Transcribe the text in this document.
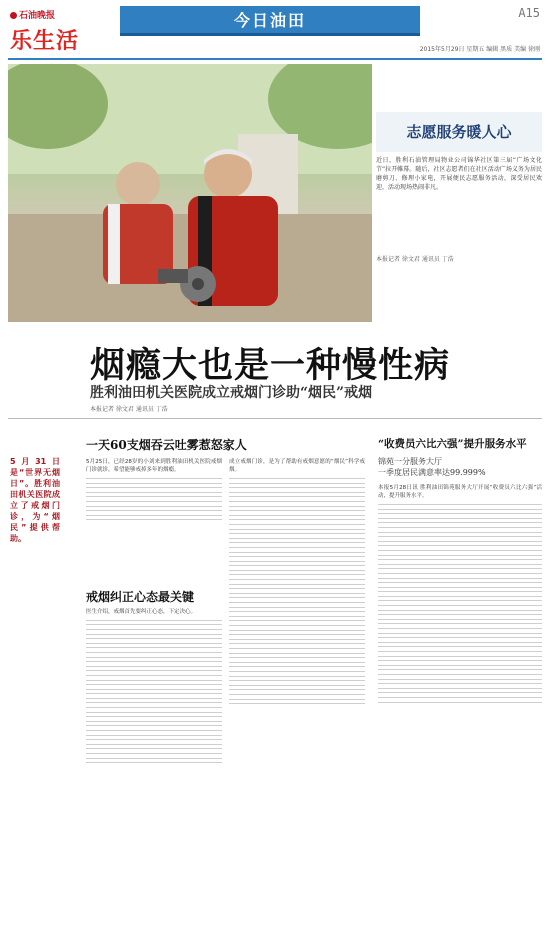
石油晚报
乐生活
今日油田	A15
2015年5月29日 星期五 编辑 黑质 美编 徐刚
志愿服务暖人心
近日，胜利石油管理局物业公司锦华社区第三届“广场文化节”拉开帷幕。随后，社区志愿者们在社区活动广场义务为居民磨剪刀、修理小家电，开展便民志愿服务活动，深受居民欢迎，活动现场热闹非凡。
本报记者 徐文君 通讯员 丁浩
烟瘾大也是一种慢性病
胜利油田机关医院成立戒烟门诊助“烟民”戒烟
本报记者 徐文君 通讯员 丁浩
5月31日是“世界无烟日”。胜利油田机关医院成立了戒烟门诊，为“烟民”提供帮助。
一天60支烟吞云吐雾惹怒家人
5月25日，已经28岁的小刘来到胜利油田机关医院戒烟门诊就诊，希望能够戒掉多年的烟瘾。
戒烟纠正心态最关键
医生介绍，戒烟首先要纠正心态，下定决心。
成立戒烟门诊，是为了帮助有戒烟意愿的“烟民”科学戒烟。
“收费员六比六强”提升服务水平
锦苑一分服务大厅
一季度居民满意率达99.999%
本报5月28日讯 胜利油田锦苑服务大厅开展“收费员六比六强”活动，提升服务水平。
